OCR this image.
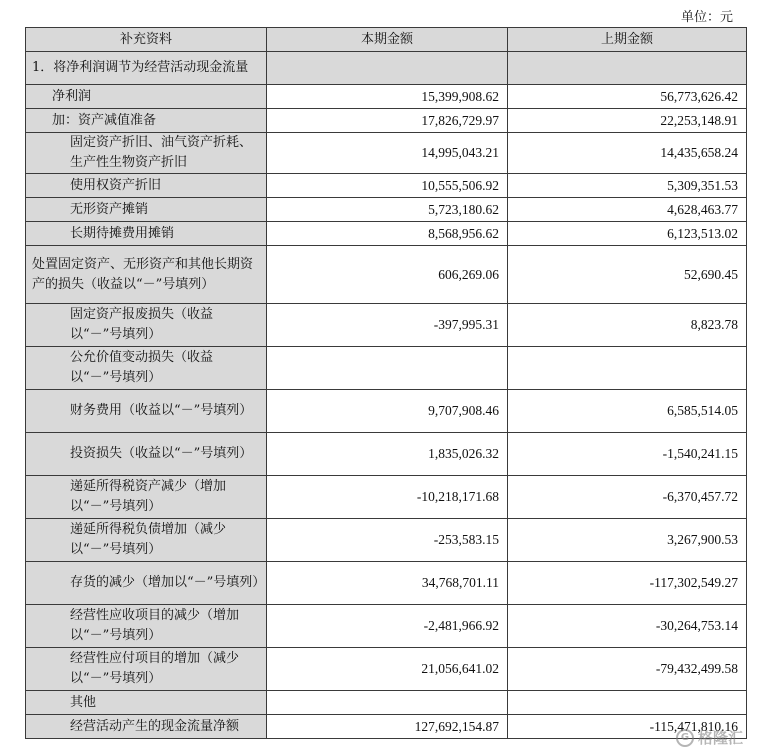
单位：元
补充资料	本期金额	上期金额
1．将净利润调节为经营活动现金流量		
净利润	15,399,908.62	56,773,626.42
加：资产减值准备	17,826,729.97	22,253,148.91
固定资产折旧、油气资产折耗、生产性生物资产折旧	14,995,043.21	14,435,658.24
使用权资产折旧	10,555,506.92	5,309,351.53
无形资产摊销	5,723,180.62	4,628,463.77
长期待摊费用摊销	8,568,956.62	6,123,513.02
处置固定资产、无形资产和其他长期资产的损失（收益以“－”号填列）	606,269.06	52,690.45
固定资产报废损失（收益以“－”号填列）	-397,995.31	8,823.78
公允价值变动损失（收益以“－”号填列）		
财务费用（收益以“－”号填列）	9,707,908.46	6,585,514.05
投资损失（收益以“－”号填列）	1,835,026.32	-1,540,241.15
递延所得税资产减少（增加以“－”号填列）	-10,218,171.68	-6,370,457.72
递延所得税负债增加（减少以“－”号填列）	-253,583.15	3,267,900.53
存货的减少（增加以“－”号填列）	34,768,701.11	-117,302,549.27
经营性应收项目的减少（增加以“－”号填列）	-2,481,966.92	-30,264,753.14
经营性应付项目的增加（减少以“－”号填列）	21,056,641.02	-79,432,499.58
其他		
经营活动产生的现金流量净额	127,692,154.87	-115,471,810.16
G 格隆汇
